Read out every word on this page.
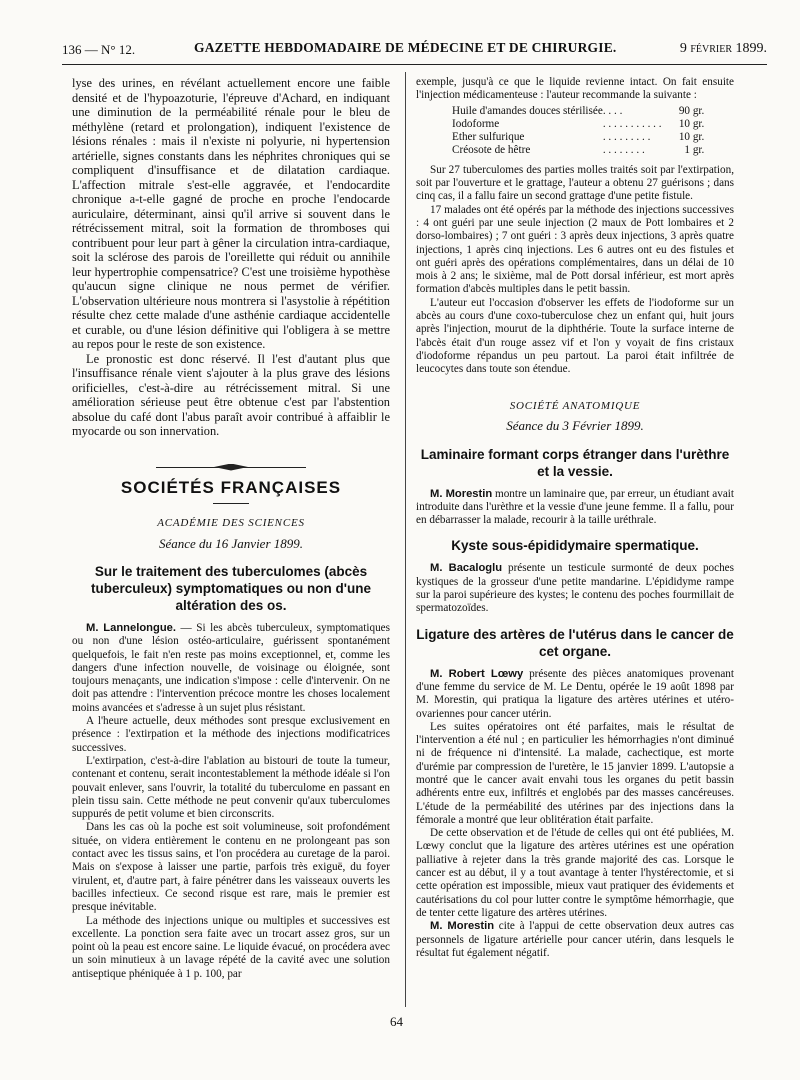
136 — N° 12.	GAZETTE HEBDOMADAIRE DE MÉDECINE ET DE CHIRURGIE.	9 FÉVRIER 1899.

lyse des urines, en révélant actuellement encore une faible densité et de l'hypoazoturie, l'épreuve d'Achard, en indiquant une diminution de la perméabilité rénale pour le bleu de méthylène (retard et prolongation), indiquent l'existence de lésions rénales : mais il n'existe ni polyurie, ni hypertension artérielle, signes constants dans les néphrites chroniques qui se compliquent d'insuffisance et de dilatation cardiaque. L'affection mitrale s'est-elle aggravée, et l'endocardite chronique a-t-elle gagné de proche en proche l'endocarde auriculaire, déterminant, ainsi qu'il arrive si souvent dans le rétrécissement mitral, soit la formation de thromboses qui contribuent pour leur part à gêner la circulation intra-cardiaque, soit la sclérose des parois de l'oreillette qui réduit ou annihile leur hypertrophie compensatrice? C'est une troisième hypothèse qu'aucun signe clinique ne nous permet de vérifier. L'observation ultérieure nous montrera si l'asystolie à répétition résulte chez cette malade d'une asthénie cardiaque accidentelle et curable, ou d'une lésion définitive qui l'obligera à se mettre au repos pour le reste de son existence.

Le pronostic est donc réservé. Il l'est d'autant plus que l'insuffisance rénale vient s'ajouter à la plus grave des lésions orificielles, c'est-à-dire au rétrécissement mitral. Si une amélioration sérieuse peut être obtenue c'est par l'abstention absolue du café dont l'abus paraît avoir contribué à affaiblir le myocarde ou son innervation.

SOCIÉTÉS FRANÇAISES
ACADÉMIE DES SCIENCES
Séance du 16 Janvier 1899.
Sur le traitement des tuberculomes (abcès tuberculeux) symptomatiques ou non d'une altération des os.

M. Lannelongue. — Si les abcès tuberculeux, symptomatiques ou non d'une lésion ostéo-articulaire, guérissent spontanément quelquefois, le fait n'en reste pas moins exceptionnel, et, comme les dangers d'une infection nouvelle, de voisinage ou éloignée, sont toujours menaçants, une indication s'impose : celle d'intervenir. On ne doit pas attendre : l'intervention précoce montre les choses localement moins avancées et s'adresse à un sujet plus résistant.

A l'heure actuelle, deux méthodes sont presque exclusivement en présence : l'extirpation et la méthode des injections modificatrices successives.

L'extirpation, c'est-à-dire l'ablation au bistouri de toute la tumeur, contenant et contenu, serait incontestablement la méthode idéale si l'on pouvait enlever, sans l'ouvrir, la totalité du tuberculome en passant en plein tissu sain. Cette méthode ne peut convenir qu'aux tuberculomes suppurés de petit volume et bien circonscrits.

Dans les cas où la poche est soit volumineuse, soit profondément située, on videra entièrement le contenu en ne prolongeant pas son contact avec les tissus sains, et l'on procédera au curetage de la paroi. Mais on s'expose à laisser une partie, parfois très exiguë, du foyer virulent, et, d'autre part, à faire pénétrer dans les vaisseaux ouverts les bacilles infectieux. Ce second risque est rare, mais le premier est presque inévitable.

La méthode des injections unique ou multiples et successives est excellente. La ponction sera faite avec un trocart assez gros, sur un point où la peau est encore saine. Le liquide évacué, on procédera avec un soin minutieux à un lavage répété de la cavité avec une solution antiseptique phéniquée à 1 p. 100, par

exemple, jusqu'à ce que le liquide revienne intact. On fait ensuite l'injection médicamenteuse : l'auteur recommande la suivante :

Huile d'amandes douces stérilisée	. . . .	90 gr.
Iodoforme	. . . . . . . . . . .	10 gr.
Ether sulfurique	. . . . . . . . .	10 gr.
Créosote de hêtre	. . . . . . . .	1 gr.

Sur 27 tuberculomes des parties molles traités soit par l'extirpation, soit par l'ouverture et le grattage, l'auteur a obtenu 27 guérisons ; dans cinq cas, il a fallu faire un second grattage d'une petite fistule.

17 malades ont été opérés par la méthode des injections successives : 4 ont guéri par une seule injection (2 maux de Pott lombaires et 2 dorso-lombaires) ; 7 ont guéri : 3 après deux injections, 3 après quatre injections, 1 après cinq injections. Les 6 autres ont eu des fistules et ont guéri après des opérations complémentaires, dans un délai de 10 mois à 2 ans; le sixième, mal de Pott dorsal inférieur, est mort après formation d'abcès multiples dans le petit bassin.

L'auteur eut l'occasion d'observer les effets de l'iodoforme sur un abcès au cours d'une coxo-tuberculose chez un enfant qui, huit jours après l'injection, mourut de la diphthérie. Toute la surface interne de l'abcès était d'un rouge assez vif et l'on y voyait de fins cristaux d'iodoforme répandus un peu partout. La paroi était infiltrée de leucocytes dans toute son étendue.

SOCIÉTÉ ANATOMIQUE
Séance du 3 Février 1899.
Laminaire formant corps étranger dans l'urèthre et la vessie.

M. Morestin montre un laminaire que, par erreur, un étudiant avait introduite dans l'urèthre et la vessie d'une jeune femme. Il a fallu, pour en débarrasser la malade, recourir à la taille uréthrale.

Kyste sous-épididymaire spermatique.

M. Bacaloglu présente un testicule surmonté de deux poches kystiques de la grosseur d'une petite mandarine. L'épididyme rampe sur la paroi supérieure des kystes; le contenu des poches fourmillait de spermatozoïdes.

Ligature des artères de l'utérus dans le cancer de cet organe.

M. Robert Lœwy présente des pièces anatomiques provenant d'une femme du service de M. Le Dentu, opérée le 19 août 1898 par M. Morestin, qui pratiqua la ligature des artères utérines et utéro-ovariennes pour cancer utérin.

Les suites opératoires ont été parfaites, mais le résultat de l'intervention a été nul ; en particulier les hémorrhagies n'ont diminué ni de fréquence ni d'intensité. La malade, cachectique, est morte d'urémie par compression de l'uretère, le 15 janvier 1899. L'autopsie a montré que le cancer avait envahi tous les organes du petit bassin adhérents entre eux, infiltrés et englobés par des masses cancéreuses. L'étude de la perméabilité des utérines par des injections dans la fémorale a montré que leur oblitération était parfaite.

De cette observation et de l'étude de celles qui ont été publiées, M. Lœwy conclut que la ligature des artères utérines est une opération palliative à rejeter dans la très grande majorité des cas. Lorsque le cancer est au début, il y a tout avantage à tenter l'hystérectomie, et si cette opération est impossible, mieux vaut pratiquer des évidements et cautérisations du col pour lutter contre le symptôme hémorrhagie, que de tenter cette ligature des artères utérines.

M. Morestin cite à l'appui de cette observation deux autres cas personnels de ligature artérielle pour cancer utérin, dans lesquels le résultat fut également négatif.

64
